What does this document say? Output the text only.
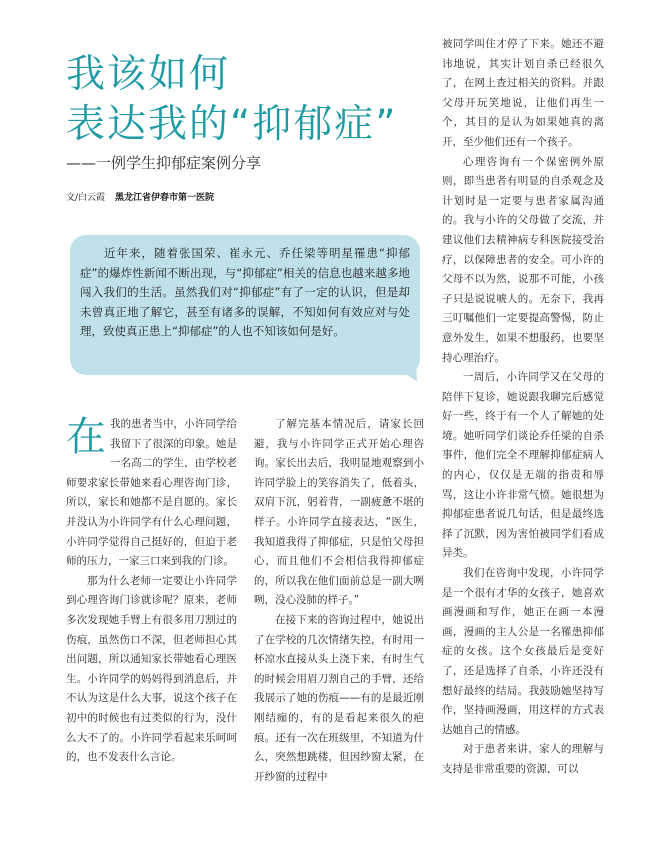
我该如何
表达我的“抑郁症”
——一例学生抑郁症案例分享
文/白云霞 黑龙江省伊春市第一医院
近年来，随着张国荣、崔永元、乔任梁等明星罹患“抑郁症”的爆炸性新闻不断出现，与“抑郁症”相关的信息也越来越多地闯入我们的生活。虽然我们对“抑郁症”有了一定的认识，但是却未曾真正地了解它，甚至有诸多的误解，不知如何有效应对与处理，致使真正患上“抑郁症”的人也不知该如何是好。

在我的患者当中，小许同学给我留下了很深的印象。她是一名高二的学生，由学校老师要求家长带她来看心理咨询门诊，所以，家长和她都不是自愿的。家长并没认为小许同学有什么心理问题，小许同学觉得自己挺好的，但迫于老师的压力，一家三口来到我的门诊。

那为什么老师一定要让小许同学到心理咨询门诊就诊呢？原来，老师多次发现她手臂上有很多用刀割过的伤痕，虽然伤口不深，但老师担心其出问题，所以通知家长带她看心理医生。小许同学的妈妈得到消息后，并不认为这是什么大事，说这个孩子在初中的时候也有过类似的行为，没什么大不了的。小许同学看起来乐呵呵的，也不发表什么言论。

了解完基本情况后，请家长回避，我与小许同学正式开始心理咨询。家长出去后，我明显地观察到小许同学脸上的笑容消失了，低着头，双肩下沉，躬着背，一副疲惫不堪的样子。小许同学直接表达，“医生，我知道我得了抑郁症，只是怕父母担心，而且他们不会相信我得抑郁症的，所以我在他们面前总是一副大咧咧，没心没肺的样子。”

在接下来的咨询过程中，她说出了在学校的几次情绪失控，有时用一杯凉水直接从头上浇下来，有时生气的时候会用眉刀割自己的手臂，还给我展示了她的伤痕——有的是最近刚刚结痂的，有的是看起来很久的疤痕。还有一次在班级里，不知道为什么，突然想跳楼，但因纱窗太紧，在开纱窗的过程中

被同学叫住才停了下来。她还不避讳地说，其实计划自杀已经很久了，在网上查过相关的资料。并跟父母开玩笑地说，让他们再生一个，其目的是认为如果她真的离开，至少他们还有一个孩子。

心理咨询有一个保密例外原则，即当患者有明显的自杀观念及计划时是一定要与患者家属沟通的。我与小许的父母做了交流，并建议他们去精神病专科医院接受治疗，以保障患者的安全。可小许的父母不以为然，说那不可能，小孩子只是说说唬人的。无奈下，我再三叮嘱他们一定要提高警惕，防止意外发生，如果不想服药，也要坚持心理治疗。

一周后，小许同学又在父母的陪伴下复诊，她说跟我聊完后感觉好一些，终于有一个人了解她的处境。她听同学们谈论乔任梁的自杀事件，他们完全不理解抑郁症病人的内心，仅仅是无端的指责和辱骂，这让小许非常气愤。她很想为抑郁症患者说几句话，但是最终选择了沉默，因为害怕被同学们看成异类。

我们在咨询中发现，小许同学是一个很有才华的女孩子，她喜欢画漫画和写作，她正在画一本漫画，漫画的主人公是一名罹患抑郁症的女孩。这个女孩最后是变好了，还是选择了自杀，小许还没有想好最终的结局。我鼓励她坚持写作，坚持画漫画，用这样的方式表达她自己的情感。

对于患者来讲，家人的理解与支持是非常重要的资源，可以
